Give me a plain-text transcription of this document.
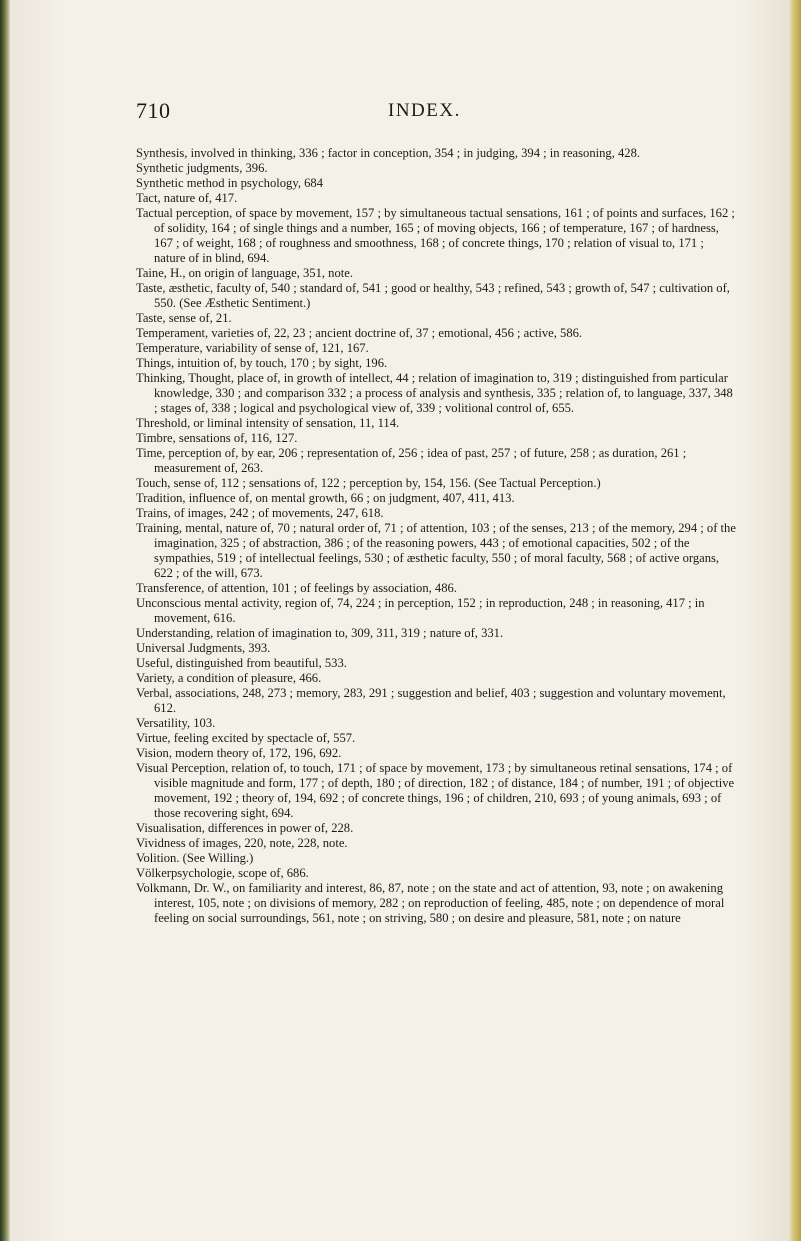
710	INDEX.

Synthesis, involved in thinking, 336 ; factor in conception, 354 ; in judging, 394 ; in reasoning, 428.

Synthetic judgments, 396.

Synthetic method in psychology, 684

Tact, nature of, 417.

Tactual perception, of space by movement, 157 ; by simultaneous tactual sensations, 161 ; of points and surfaces, 162 ; of solidity, 164 ; of single things and a number, 165 ; of moving objects, 166 ; of temperature, 167 ; of hardness, 167 ; of weight, 168 ; of roughness and smoothness, 168 ; of concrete things, 170 ; relation of visual to, 171 ; nature of in blind, 694.

Taine, H., on origin of language, 351, note.

Taste, æsthetic, faculty of, 540 ; standard of, 541 ; good or healthy, 543 ; refined, 543 ; growth of, 547 ; cultivation of, 550. (See Æsthetic Sentiment.)

Taste, sense of, 21.

Temperament, varieties of, 22, 23 ; ancient doctrine of, 37 ; emotional, 456 ; active, 586.

Temperature, variability of sense of, 121, 167.

Things, intuition of, by touch, 170 ; by sight, 196.

Thinking, Thought, place of, in growth of intellect, 44 ; relation of imagination to, 319 ; distinguished from particular knowledge, 330 ; and comparison 332 ; a process of analysis and synthesis, 335 ; relation of, to language, 337, 348 ; stages of, 338 ; logical and psychological view of, 339 ; volitional control of, 655.

Threshold, or liminal intensity of sensation, 11, 114.

Timbre, sensations of, 116, 127.

Time, perception of, by ear, 206 ; representation of, 256 ; idea of past, 257 ; of future, 258 ; as duration, 261 ; measurement of, 263.

Touch, sense of, 112 ; sensations of, 122 ; perception by, 154, 156. (See Tactual Perception.)

Tradition, influence of, on mental growth, 66 ; on judgment, 407, 411, 413.

Trains, of images, 242 ; of movements, 247, 618.

Training, mental, nature of, 70 ; natural order of, 71 ; of attention, 103 ; of the senses, 213 ; of the memory, 294 ; of the imagination, 325 ; of abstraction, 386 ; of the reasoning powers, 443 ; of emotional capacities, 502 ; of the sympathies, 519 ; of intellectual feelings, 530 ; of æsthetic faculty, 550 ; of moral faculty, 568 ; of active organs, 622 ; of the will, 673.

Transference, of attention, 101 ; of feelings by association, 486.

Unconscious mental activity, region of, 74, 224 ; in perception, 152 ; in reproduction, 248 ; in reasoning, 417 ; in movement, 616.

Understanding, relation of imagination to, 309, 311, 319 ; nature of, 331.

Universal Judgments, 393.

Useful, distinguished from beautiful, 533.

Variety, a condition of pleasure, 466.

Verbal, associations, 248, 273 ; memory, 283, 291 ; suggestion and belief, 403 ; suggestion and voluntary movement, 612.

Versatility, 103.

Virtue, feeling excited by spectacle of, 557.

Vision, modern theory of, 172, 196, 692.

Visual Perception, relation of, to touch, 171 ; of space by movement, 173 ; by simultaneous retinal sensations, 174 ; of visible magnitude and form, 177 ; of depth, 180 ; of direction, 182 ; of distance, 184 ; of number, 191 ; of objective movement, 192 ; theory of, 194, 692 ; of concrete things, 196 ; of children, 210, 693 ; of young animals, 693 ; of those recovering sight, 694.

Visualisation, differences in power of, 228.

Vividness of images, 220, note, 228, note.

Volition. (See Willing.)

Völkerpsychologie, scope of, 686.

Volkmann, Dr. W., on familiarity and interest, 86, 87, note ; on the state and act of attention, 93, note ; on awakening interest, 105, note ; on divisions of memory, 282 ; on reproduction of feeling, 485, note ; on dependence of moral feeling on social surroundings, 561, note ; on striving, 580 ; on desire and pleasure, 581, note ; on nature
